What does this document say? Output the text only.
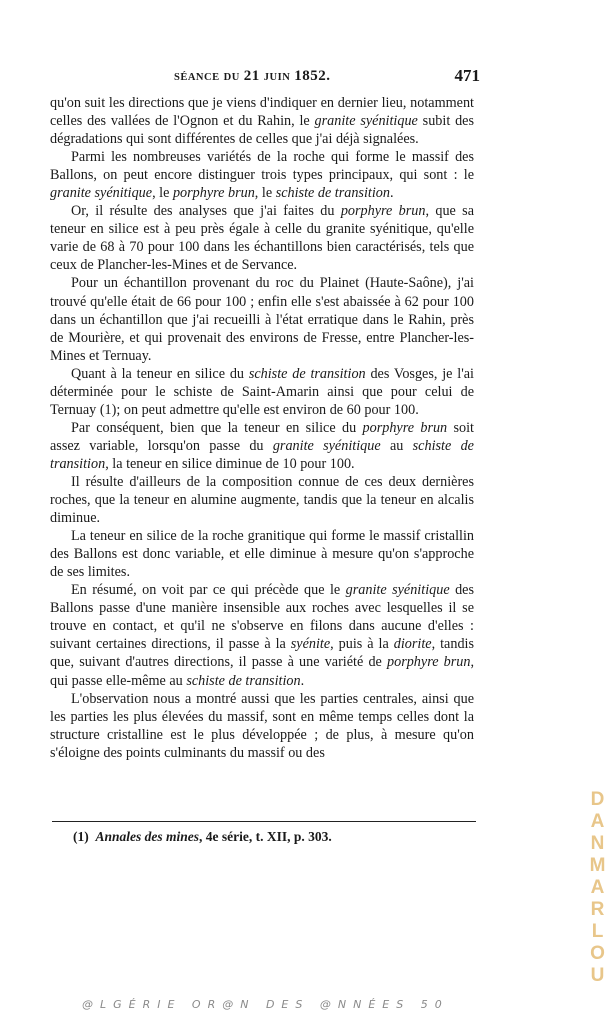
SÉANCE DU 21 JUIN 1852.	471

qu'on suit les directions que je viens d'indiquer en dernier lieu, notamment celles des vallées de l'Ognon et du Rahin, le granite syénitique subit des dégradations qui sont différentes de celles que j'ai déjà signalées.

Parmi les nombreuses variétés de la roche qui forme le massif des Ballons, on peut encore distinguer trois types principaux, qui sont : le granite syénitique, le porphyre brun, le schiste de transition.

Or, il résulte des analyses que j'ai faites du porphyre brun, que sa teneur en silice est à peu près égale à celle du granite syénitique, qu'elle varie de 68 à 70 pour 100 dans les échantillons bien caractérisés, tels que ceux de Plancher-les-Mines et de Servance.

Pour un échantillon provenant du roc du Plainet (Haute-Saône), j'ai trouvé qu'elle était de 66 pour 100 ; enfin elle s'est abaissée à 62 pour 100 dans un échantillon que j'ai recueilli à l'état erratique dans le Rahin, près de Mourière, et qui provenait des environs de Fresse, entre Plancher-les-Mines et Ternuay.

Quant à la teneur en silice du schiste de transition des Vosges, je l'ai déterminée pour le schiste de Saint-Amarin ainsi que pour celui de Ternuay (1); on peut admettre qu'elle est environ de 60 pour 100.

Par conséquent, bien que la teneur en silice du porphyre brun soit assez variable, lorsqu'on passe du granite syénitique au schiste de transition, la teneur en silice diminue de 10 pour 100.

Il résulte d'ailleurs de la composition connue de ces deux dernières roches, que la teneur en alumine augmente, tandis que la teneur en alcalis diminue.

La teneur en silice de la roche granitique qui forme le massif cristallin des Ballons est donc variable, et elle diminue à mesure qu'on s'approche de ses limites.

En résumé, on voit par ce qui précède que le granite syénitique des Ballons passe d'une manière insensible aux roches avec lesquelles il se trouve en contact, et qu'il ne s'observe en filons dans aucune d'elles : suivant certaines directions, il passe à la syénite, puis à la diorite, tandis que, suivant d'autres directions, il passe à une variété de porphyre brun, qui passe elle-même au schiste de transition.

L'observation nous a montré aussi que les parties centrales, ainsi que les parties les plus élevées du massif, sont en même temps celles dont la structure cristalline est le plus développée ; de plus, à mesure qu'on s'éloigne des points culminants du massif ou des

(1) Annales des mines, 4e série, t. XII, p. 303.	DANMARLOU
@LGÉRIE OR@N DES @NNÉES 50
